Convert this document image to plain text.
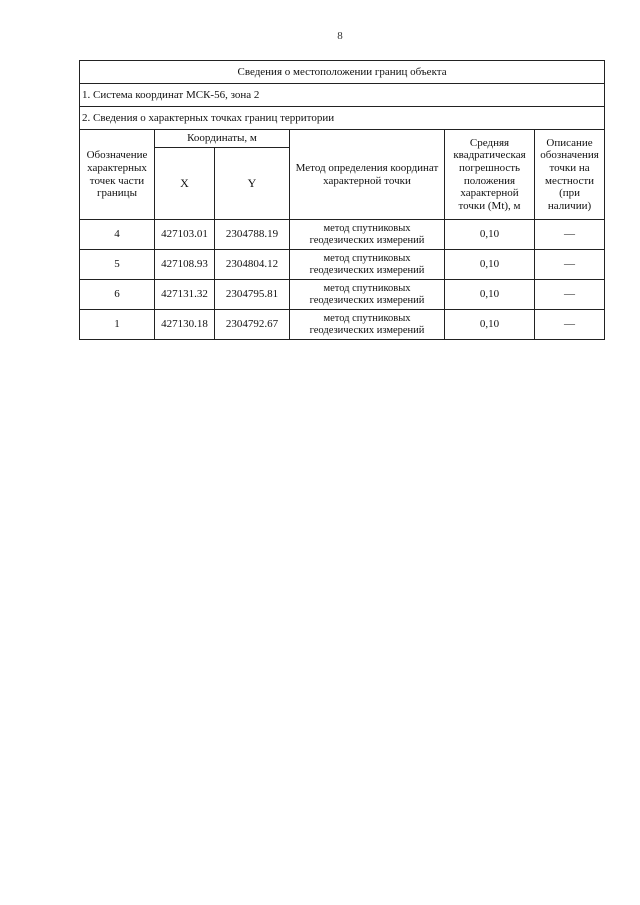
8
Сведения о местоположении границ объекта					
1. Система координат МСК-56, зона 2					
2. Сведения о характерных точках границ территории					
Обозначение характерных точек части границы	Координаты, м		Метод определения координат характерной точки	Средняя квадратическая погрешность положения характерной точки (Mt), м	Описание обозначения точки на местности (при наличии)
	X	Y			
4	427103.01	2304788.19	метод спутниковых геодезических измерений	0,10	—
5	427108.93	2304804.12	метод спутниковых геодезических измерений	0,10	—
6	427131.32	2304795.81	метод спутниковых геодезических измерений	0,10	—
1	427130.18	2304792.67	метод спутниковых геодезических измерений	0,10	—
